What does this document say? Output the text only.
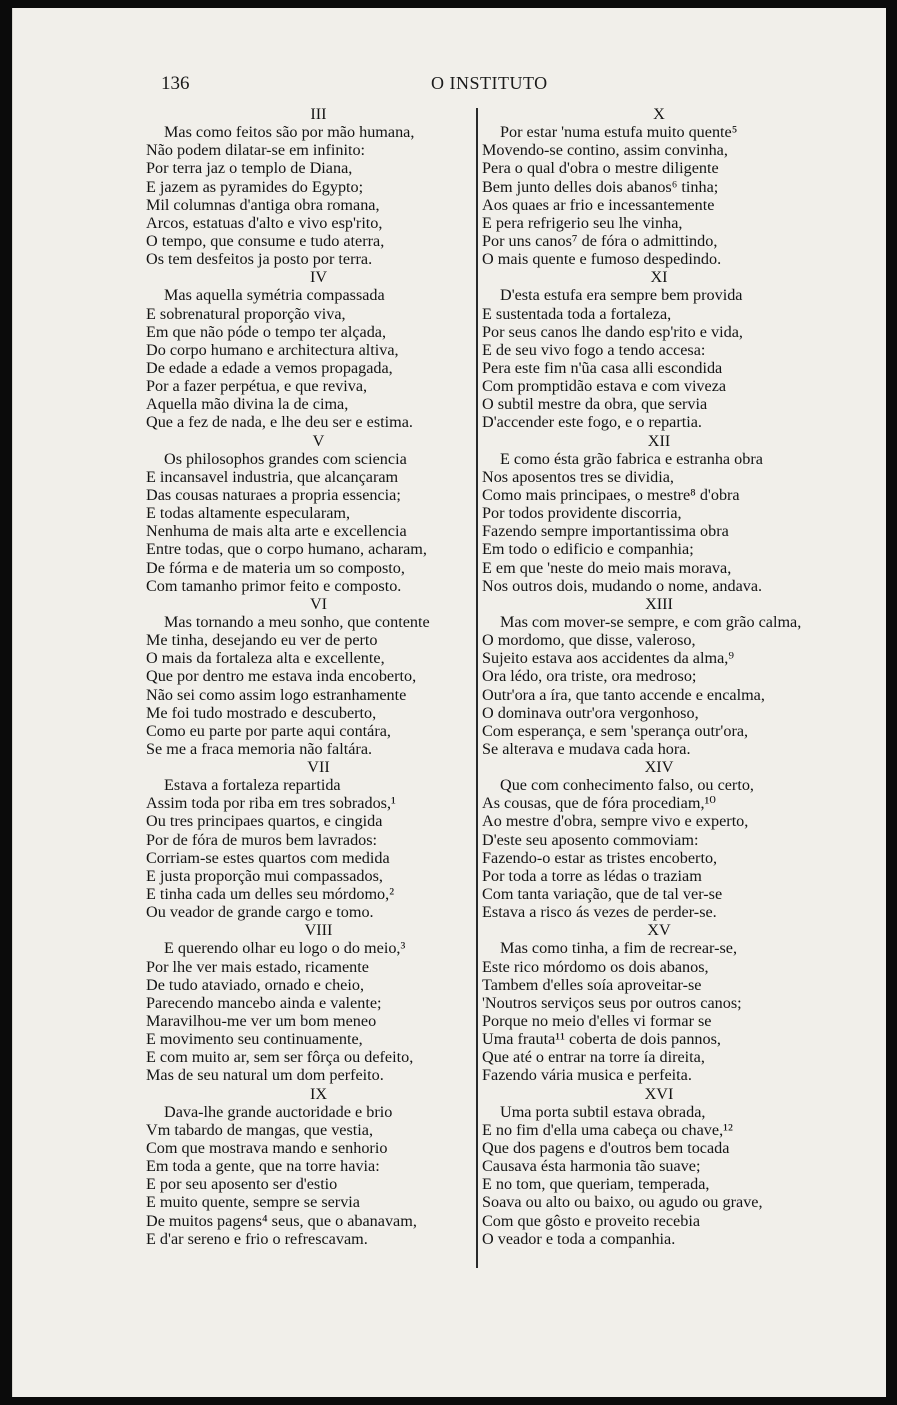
136	O INSTITUTO
III
Mas como feitos são por mão humana,
Não podem dilatar-se em infinito:
Por terra jaz o templo de Diana,
E jazem as pyramides do Egypto;
Mil columnas d'antiga obra romana,
Arcos, estatuas d'alto e vivo esp'rito,
O tempo, que consume e tudo aterra,
Os tem desfeitos ja posto por terra.
IV
Mas aquella symétria compassada
E sobrenatural proporção viva,
Em que não póde o tempo ter alçada,
Do corpo humano e architectura altiva,
De edade a edade a vemos propagada,
Por a fazer perpétua, e que reviva,
Aquella mão divina la de cima,
Que a fez de nada, e lhe deu ser e estima.
V
Os philosophos grandes com sciencia
E incansavel industria, que alcançaram
Das cousas naturaes a propria essencia;
E todas altamente especularam,
Nenhuma de mais alta arte e excellencia
Entre todas, que o corpo humano, acharam,
De fórma e de materia um so composto,
Com tamanho primor feito e composto.
VI
Mas tornando a meu sonho, que contente
Me tinha, desejando eu ver de perto
O mais da fortaleza alta e excellente,
Que por dentro me estava inda encoberto,
Não sei como assim logo estranhamente
Me foi tudo mostrado e descuberto,
Como eu parte por parte aqui contára,
Se me a fraca memoria não faltára.
VII
Estava a fortaleza repartida
Assim toda por riba em tres sobrados,¹
Ou tres principaes quartos, e cingida
Por de fóra de muros bem lavrados:
Corriam-se estes quartos com medida
E justa proporção mui compassados,
E tinha cada um delles seu mórdomo,²
Ou veador de grande cargo e tomo.
VIII
E querendo olhar eu logo o do meio,³
Por lhe ver mais estado, ricamente
De tudo ataviado, ornado e cheio,
Parecendo mancebo ainda e valente;
Maravilhou-me ver um bom meneo
E movimento seu continuamente,
E com muito ar, sem ser fôrça ou defeito,
Mas de seu natural um dom perfeito.
IX
Dava-lhe grande auctoridade e brio
Vm tabardo de mangas, que vestia,
Com que mostrava mando e senhorio
Em toda a gente, que na torre havia:
E por seu aposento ser d'estio
E muito quente, sempre se servia
De muitos pagens⁴ seus, que o abanavam,
E d'ar sereno e frio o refrescavam.
X
Por estar 'numa estufa muito quente⁵
Movendo-se contino, assim convinha,
Pera o qual d'obra o mestre diligente
Bem junto delles dois abanos⁶ tinha;
Aos quaes ar frio e incessantemente
E pera refrigerio seu lhe vinha,
Por uns canos⁷ de fóra o admittindo,
O mais quente e fumoso despedindo.
XI
D'esta estufa era sempre bem provida
E sustentada toda a fortaleza,
Por seus canos lhe dando esp'rito e vida,
E de seu vivo fogo a tendo accesa:
Pera este fim n'ũa casa alli escondida
Com promptidão estava e com viveza
O subtil mestre da obra, que servia
D'accender este fogo, e o repartia.
XII
E como ésta grão fabrica e estranha obra
Nos aposentos tres se dividia,
Como mais principaes, o mestre⁸ d'obra
Por todos providente discorria,
Fazendo sempre importantissima obra
Em todo o edificio e companhia;
E em que 'neste do meio mais morava,
Nos outros dois, mudando o nome, andava.
XIII
Mas com mover-se sempre, e com grão calma,
O mordomo, que disse, valeroso,
Sujeito estava aos accidentes da alma,⁹
Ora lédo, ora triste, ora medroso;
Outr'ora a íra, que tanto accende e encalma,
O dominava outr'ora vergonhoso,
Com esperança, e sem 'sperança outr'ora,
Se alterava e mudava cada hora.
XIV
Que com conhecimento falso, ou certo,
As cousas, que de fóra procediam,¹⁰
Ao mestre d'obra, sempre vivo e experto,
D'este seu aposento commoviam:
Fazendo-o estar as tristes encoberto,
Por toda a torre as lédas o traziam
Com tanta variação, que de tal ver-se
Estava a risco ás vezes de perder-se.
XV
Mas como tinha, a fim de recrear-se,
Este rico mórdomo os dois abanos,
Tambem d'elles soía aproveitar-se
'Noutros serviços seus por outros canos;
Porque no meio d'elles vi formar se
Uma frauta¹¹ coberta de dois pannos,
Que até o entrar na torre ía direita,
Fazendo vária musica e perfeita.
XVI
Uma porta subtil estava obrada,
E no fim d'ella uma cabeça ou chave,¹²
Que dos pagens e d'outros bem tocada
Causava ésta harmonia tão suave;
E no tom, que queriam, temperada,
Soava ou alto ou baixo, ou agudo ou grave,
Com que gôsto e proveito recebia
O veador e toda a companhia.
